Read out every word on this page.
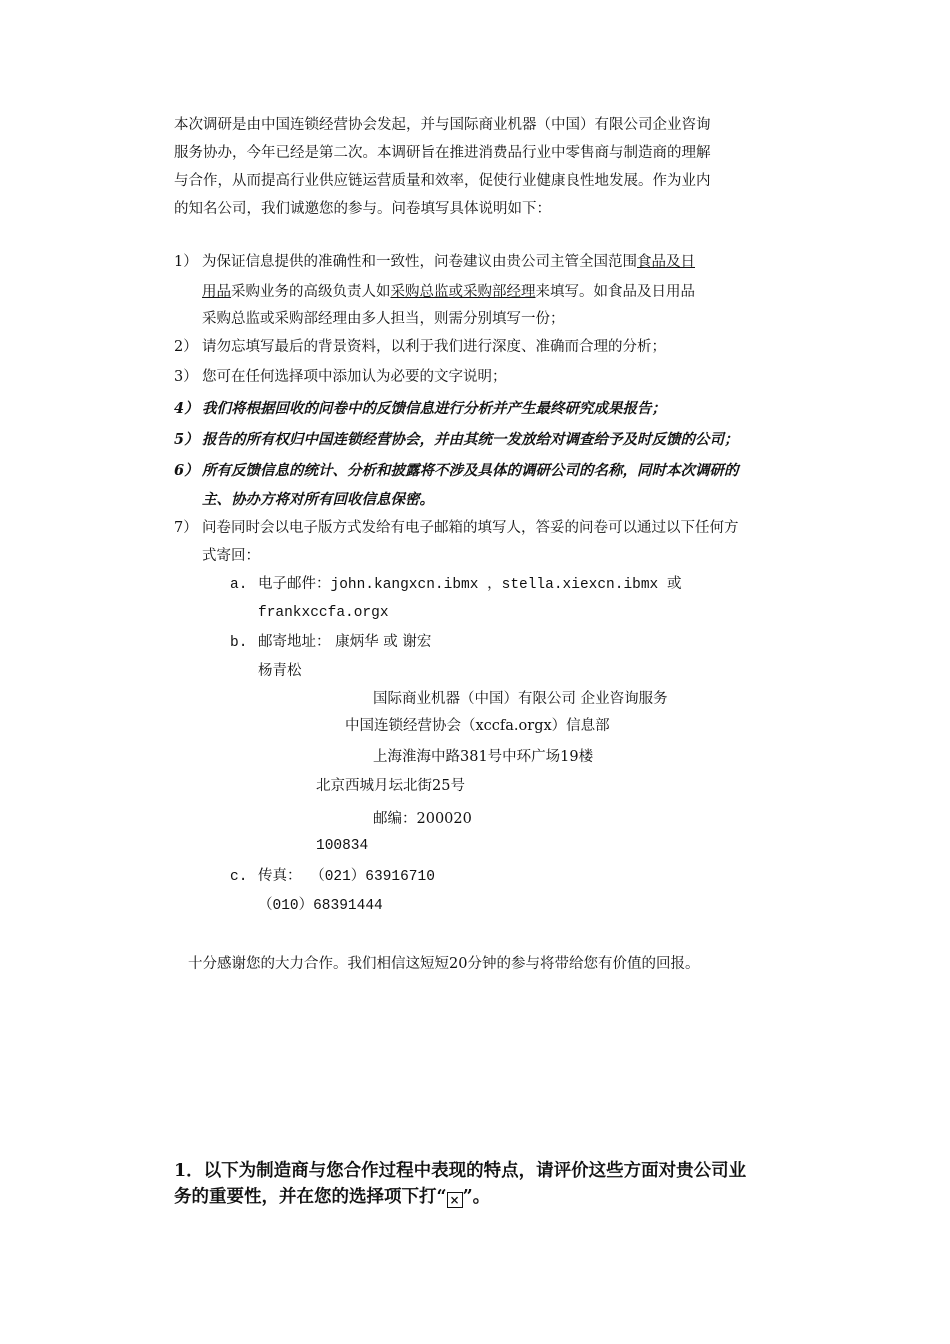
本次调研是由中国连锁经营协会发起，并与国际商业机器（中国）有限公司企业咨询
服务协办，今年已经是第二次。本调研旨在推进消费品行业中零售商与制造商的理解
与合作，从而提高行业供应链运营质量和效率，促使行业健康良性地发展。作为业内
的知名公司，我们诚邀您的参与。问卷填写具体说明如下：
1） 为保证信息提供的准确性和一致性，问卷建议由贵公司主管全国范围食品及日
用品采购业务的高级负责人如采购总监或采购部经理来填写。如食品及日用品
采购总监或采购部经理由多人担当，则需分别填写一份；
2） 请勿忘填写最后的背景资料，以利于我们进行深度、准确而合理的分析；
3） 您可在任何选择项中添加认为必要的文字说明；
4） 我们将根据回收的问卷中的反馈信息进行分析并产生最终研究成果报告；
5） 报告的所有权归中国连锁经营协会，并由其统一发放给对调查给予及时反馈的公司；
6） 所有反馈信息的统计、分析和披露将不涉及具体的调研公司的名称，同时本次调研的
主、协办方将对所有回收信息保密。
7） 问卷同时会以电子版方式发给有电子邮箱的填写人，答妥的问卷可以通过以下任何方
式寄回：
a. 电子邮件：john.kangxcn.ibmx ，stella.xiexcn.ibmx 或
frankxccfa.orgx
b. 邮寄地址： 康炳华 或 谢宏
杨青松
国际商业机器（中国）有限公司 企业咨询服务
中国连锁经营协会（xccfa.orgx）信息部
上海淮海中路381号中环广场19楼
北京西城月坛北街25号
邮编：200020
100834
c. 传真： （021）63916710
（010）68391444
十分感谢您的大力合作。我们相信这短短20分钟的参与将带给您有价值的回报。
1．以下为制造商与您合作过程中表现的特点，请评价这些方面对贵公司业
务的重要性，并在您的选择项下打“ × ”。
